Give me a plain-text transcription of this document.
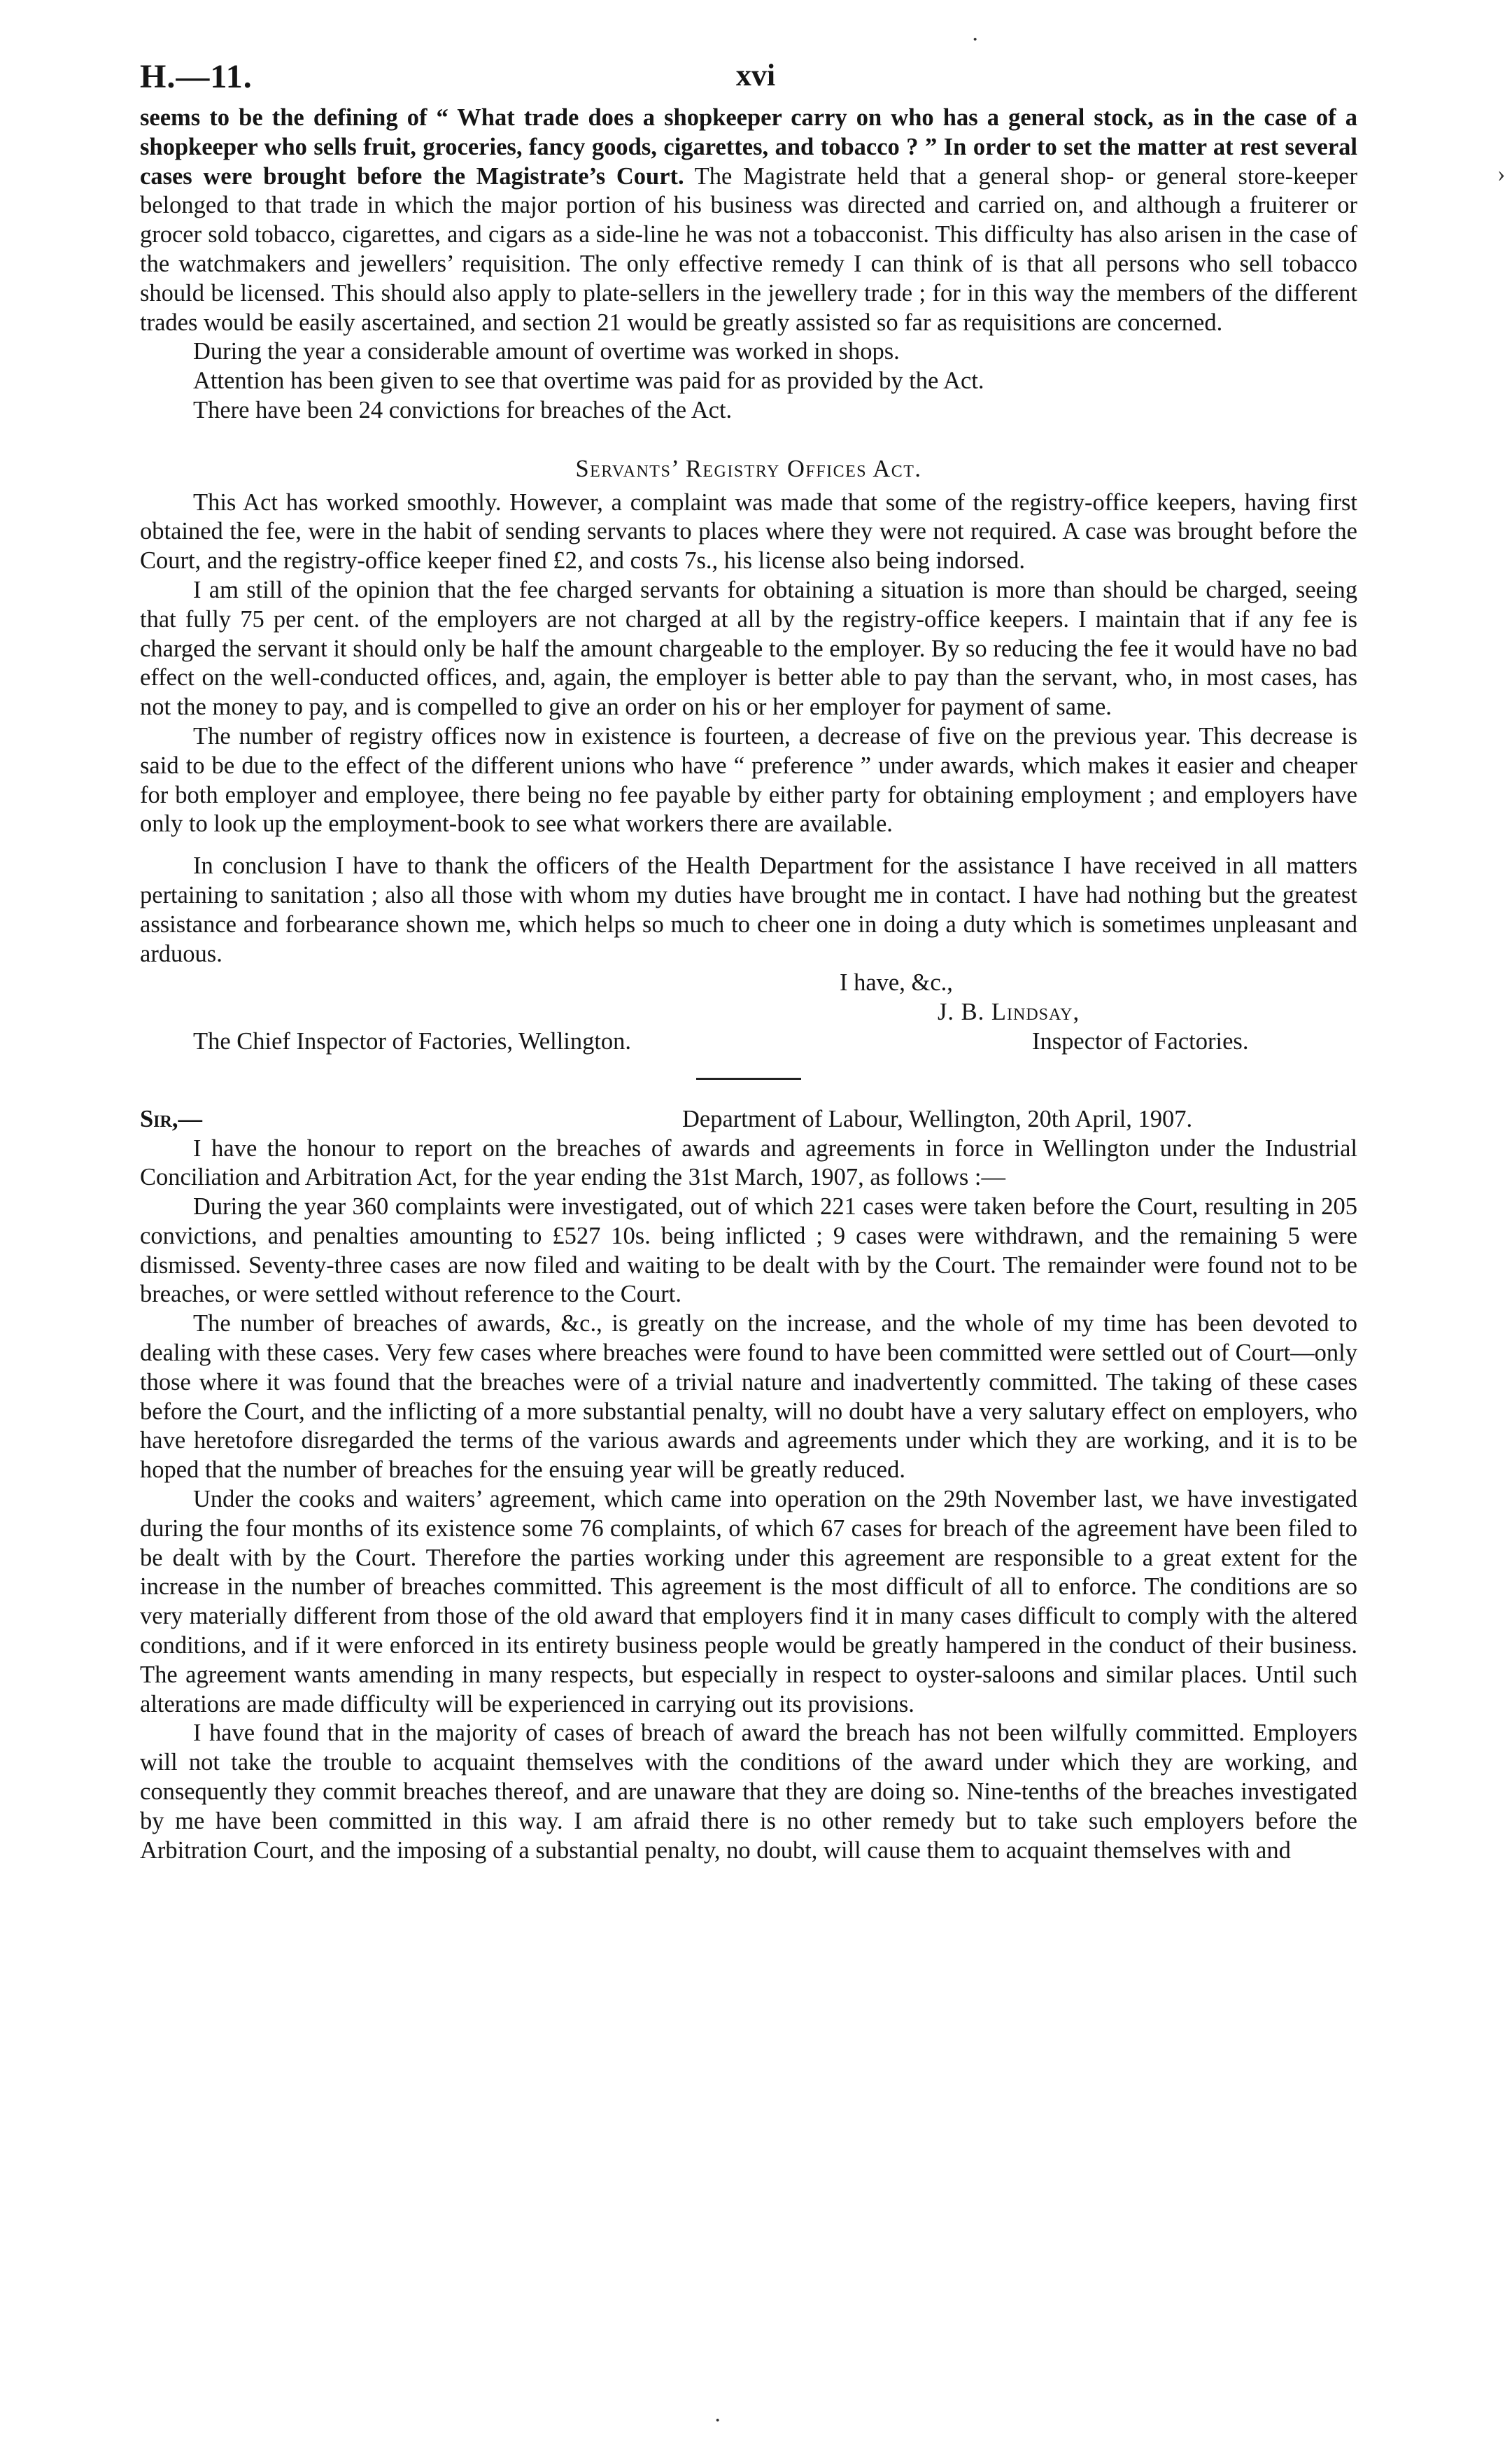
H.—11.	xvi
·
›

seems to be the defining of “ What trade does a shopkeeper carry on who has a general stock, as in the case of a shopkeeper who sells fruit, groceries, fancy goods, cigarettes, and tobacco ? ” In order to set the matter at rest several cases were brought before the Magistrate’s Court. The Magistrate held that a general shop- or general store-keeper belonged to that trade in which the major portion of his business was directed and carried on, and although a fruiterer or grocer sold tobacco, cigarettes, and cigars as a side-line he was not a tobacconist. This difficulty has also arisen in the case of the watchmakers and jewellers’ requisition. The only effective remedy I can think of is that all persons who sell tobacco should be licensed. This should also apply to plate-sellers in the jewellery trade ; for in this way the members of the different trades would be easily ascertained, and section 21 would be greatly assisted so far as requisitions are concerned.

During the year a considerable amount of overtime was worked in shops.

Attention has been given to see that overtime was paid for as provided by the Act.

There have been 24 convictions for breaches of the Act.

Servants’ Registry Offices Act.

This Act has worked smoothly. However, a complaint was made that some of the registry-office keepers, having first obtained the fee, were in the habit of sending servants to places where they were not required. A case was brought before the Court, and the registry-office keeper fined £2, and costs 7s., his license also being indorsed.

I am still of the opinion that the fee charged servants for obtaining a situation is more than should be charged, seeing that fully 75 per cent. of the employers are not charged at all by the registry-office keepers. I maintain that if any fee is charged the servant it should only be half the amount chargeable to the employer. By so reducing the fee it would have no bad effect on the well-conducted offices, and, again, the employer is better able to pay than the servant, who, in most cases, has not the money to pay, and is compelled to give an order on his or her employer for payment of same.

The number of registry offices now in existence is fourteen, a decrease of five on the previous year. This decrease is said to be due to the effect of the different unions who have “ preference ” under awards, which makes it easier and cheaper for both employer and employee, there being no fee payable by either party for obtaining employment ; and employers have only to look up the employment-book to see what workers there are available.

In conclusion I have to thank the officers of the Health Department for the assistance I have received in all matters pertaining to sanitation ; also all those with whom my duties have brought me in contact. I have had nothing but the greatest assistance and forbearance shown me, which helps so much to cheer one in doing a duty which is sometimes unpleasant and arduous.

I have, &c.,
J. B. Lindsay,
The Chief Inspector of Factories, Wellington.	Inspector of Factories.
Sir,—	Department of Labour, Wellington, 20th April, 1907.

I have the honour to report on the breaches of awards and agreements in force in Wellington under the Industrial Conciliation and Arbitration Act, for the year ending the 31st March, 1907, as follows :—

During the year 360 complaints were investigated, out of which 221 cases were taken before the Court, resulting in 205 convictions, and penalties amounting to £527 10s. being inflicted ; 9 cases were withdrawn, and the remaining 5 were dismissed. Seventy-three cases are now filed and waiting to be dealt with by the Court. The remainder were found not to be breaches, or were settled without reference to the Court.

The number of breaches of awards, &c., is greatly on the increase, and the whole of my time has been devoted to dealing with these cases. Very few cases where breaches were found to have been committed were settled out of Court—only those where it was found that the breaches were of a trivial nature and inadvertently committed. The taking of these cases before the Court, and the inflicting of a more substantial penalty, will no doubt have a very salutary effect on employers, who have heretofore disregarded the terms of the various awards and agreements under which they are working, and it is to be hoped that the number of breaches for the ensuing year will be greatly reduced.

Under the cooks and waiters’ agreement, which came into operation on the 29th November last, we have investigated during the four months of its existence some 76 complaints, of which 67 cases for breach of the agreement have been filed to be dealt with by the Court. Therefore the parties working under this agreement are responsible to a great extent for the increase in the number of breaches committed. This agreement is the most difficult of all to enforce. The conditions are so very materially different from those of the old award that employers find it in many cases difficult to comply with the altered conditions, and if it were enforced in its entirety business people would be greatly hampered in the conduct of their business. The agreement wants amending in many respects, but especially in respect to oyster-saloons and similar places. Until such alterations are made difficulty will be experienced in carrying out its provisions.

I have found that in the majority of cases of breach of award the breach has not been wilfully committed. Employers will not take the trouble to acquaint themselves with the conditions of the award under which they are working, and consequently they commit breaches thereof, and are unaware that they are doing so. Nine-tenths of the breaches investigated by me have been committed in this way. I am afraid there is no other remedy but to take such employers before the Arbitration Court, and the imposing of a substantial penalty, no doubt, will cause them to acquaint themselves with and

·
